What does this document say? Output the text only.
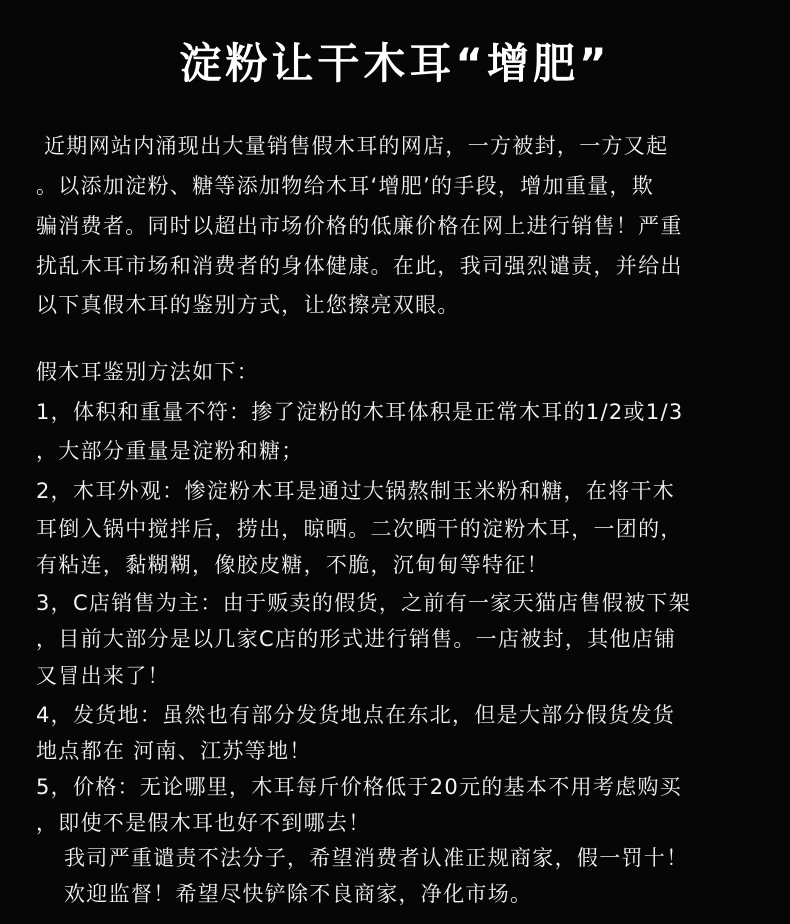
淀粉让干木耳“增肥”
近期网站内涌现出大量销售假木耳的网店，一方被封，一方又起
。以添加淀粉、糖等添加物给木耳‘增肥’的手段，增加重量，欺
骗消费者。同时以超出市场价格的低廉价格在网上进行销售！严重
扰乱木耳市场和消费者的身体健康。在此，我司强烈谴责，并给出
以下真假木耳的鉴别方式，让您擦亮双眼。
假木耳鉴别方法如下：
1，体积和重量不符：掺了淀粉的木耳体积是正常木耳的1/2或1/3
，大部分重量是淀粉和糖；
2，木耳外观：惨淀粉木耳是通过大锅熬制玉米粉和糖，在将干木
耳倒入锅中搅拌后，捞出，晾晒。二次晒干的淀粉木耳，一团的，
有粘连，黏糊糊，像胶皮糖，不脆，沉甸甸等特征！
3，C店销售为主：由于贩卖的假货，之前有一家天猫店售假被下架
，目前大部分是以几家C店的形式进行销售。一店被封，其他店铺
又冒出来了！
4，发货地：虽然也有部分发货地点在东北，但是大部分假货发货
地点都在 河南、江苏等地！
5，价格：无论哪里，木耳每斤价格低于20元的基本不用考虑购买
，即使不是假木耳也好不到哪去！
我司严重谴责不法分子，希望消费者认准正规商家，假一罚十！
欢迎监督！希望尽快铲除不良商家，净化市场。
